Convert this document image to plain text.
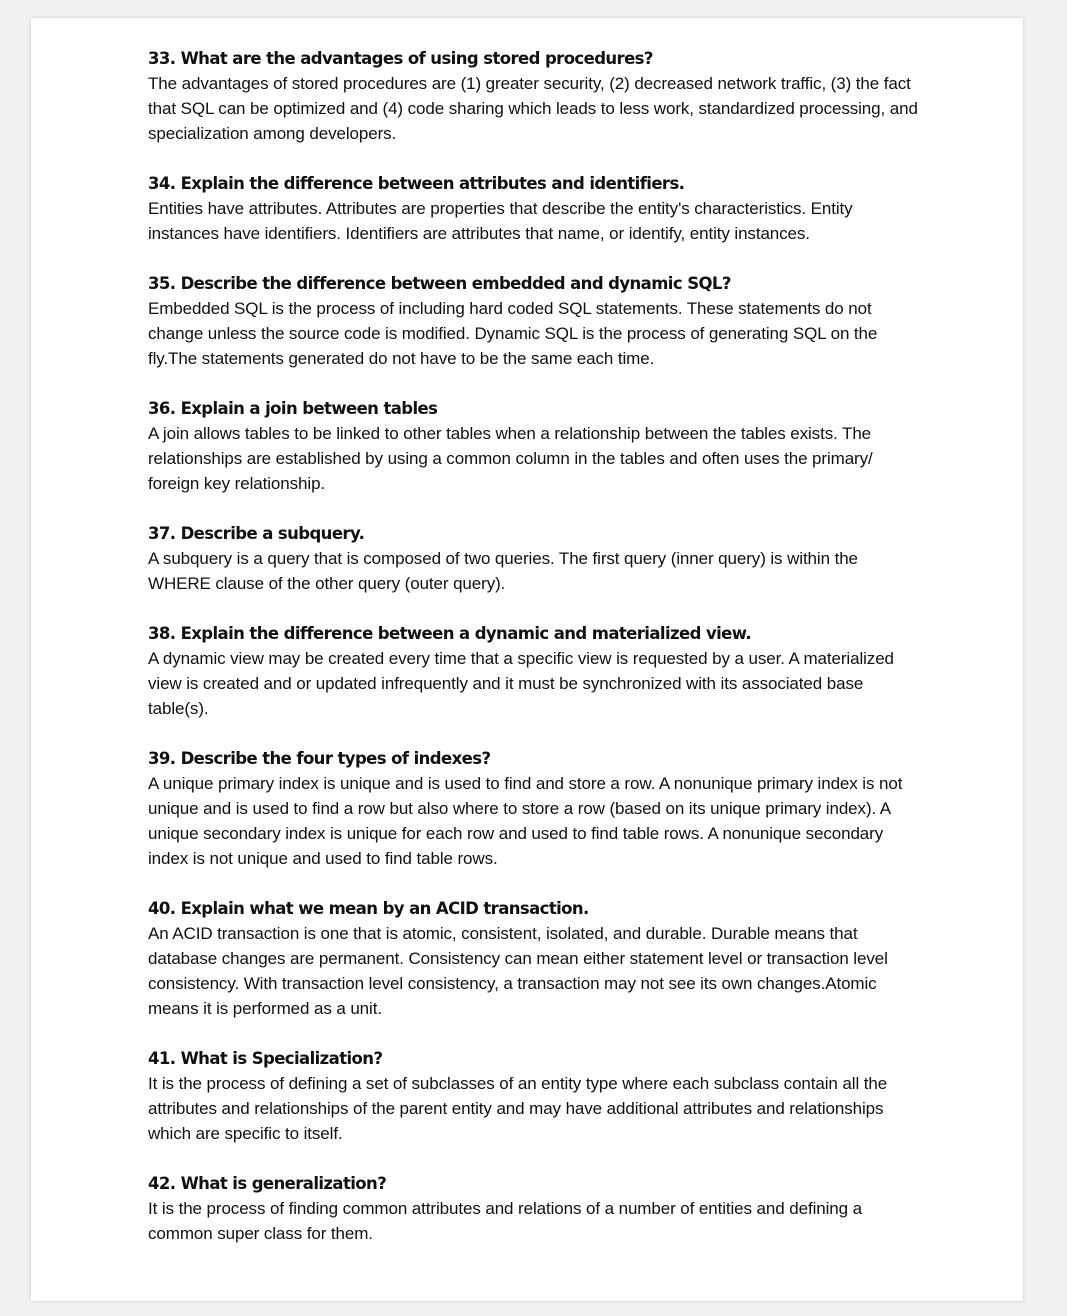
33. What are the advantages of using stored procedures?

The advantages of stored procedures are (1) greater security, (2) decreased network traffic, (3) the fact that SQL can be optimized and (4) code sharing which leads to less work, standardized processing, and specialization among developers.

34. Explain the difference between attributes and identifiers.

Entities have attributes. Attributes are properties that describe the entity's characteristics. Entity instances have identifiers. Identifiers are attributes that name, or identify, entity instances.

35. Describe the difference between embedded and dynamic SQL?

Embedded SQL is the process of including hard coded SQL statements. These statements do not change unless the source code is modified. Dynamic SQL is the process of generating SQL on the fly.The statements generated do not have to be the same each time.

36. Explain a join between tables

A join allows tables to be linked to other tables when a relationship between the tables exists. The relationships are established by using a common column in the tables and often uses the primary/ foreign key relationship.

37. Describe a subquery.

A subquery is a query that is composed of two queries. The first query (inner query) is within the WHERE clause of the other query (outer query).

38. Explain the difference between a dynamic and materialized view.

A dynamic view may be created every time that a specific view is requested by a user. A materialized view is created and or updated infrequently and it must be synchronized with its associated base table(s).

39. Describe the four types of indexes?

A unique primary index is unique and is used to find and store a row. A nonunique primary index is not unique and is used to find a row but also where to store a row (based on its unique primary index). A unique secondary index is unique for each row and used to find table rows. A nonunique secondary index is not unique and used to find table rows.

40. Explain what we mean by an ACID transaction.

An ACID transaction is one that is atomic, consistent, isolated, and durable. Durable means that database changes are permanent. Consistency can mean either statement level or transaction level consistency. With transaction level consistency, a transaction may not see its own changes.Atomic means it is performed as a unit.

41. What is Specialization?

It is the process of defining a set of subclasses of an entity type where each subclass contain all the attributes and relationships of the parent entity and may have additional attributes and relationships which are specific to itself.

42. What is generalization?

It is the process of finding common attributes and relations of a number of entities and defining a common super class for them.
